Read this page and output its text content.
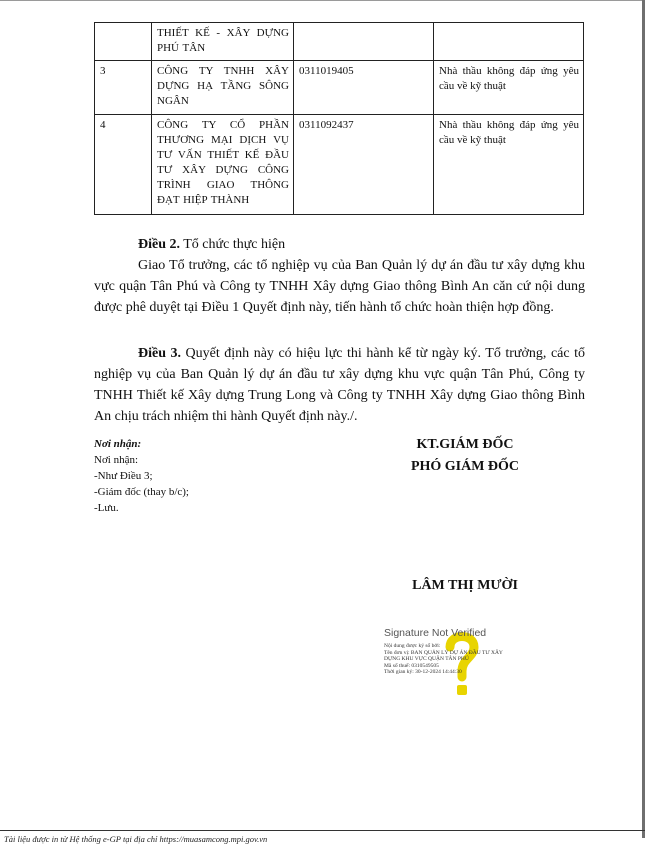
	THIẾT KẾ - XÂY DỰNG PHÚ TÂN		
3	CÔNG TY TNHH XÂY DỰNG HẠ TẦNG SÔNG NGÂN	0311019405	Nhà thầu không đáp ứng yêu cầu về kỹ thuật
4	CÔNG TY CỔ PHẦN THƯƠNG MẠI DỊCH VỤ TƯ VẤN THIẾT KẾ ĐẦU TƯ XÂY DỰNG CÔNG TRÌNH GIAO THÔNG ĐẠT HIỆP THÀNH	0311092437	Nhà thầu không đáp ứng yêu cầu về kỹ thuật

Điều 2. Tổ chức thực hiện

Giao Tổ trưởng, các tổ nghiệp vụ của Ban Quản lý dự án đầu tư xây dựng khu vực quận Tân Phú và Công ty TNHH Xây dựng Giao thông Bình An căn cứ nội dung được phê duyệt tại Điều 1 Quyết định này, tiến hành tổ chức hoàn thiện hợp đồng.

Điều 3. Quyết định này có hiệu lực thi hành kể từ ngày ký. Tổ trưởng, các tổ nghiệp vụ của Ban Quản lý dự án đầu tư xây dựng khu vực quận Tân Phú, Công ty TNHH Thiết kế Xây dựng Trung Long và Công ty TNHH Xây dựng Giao thông Bình An chịu trách nhiệm thi hành Quyết định này./.

Nơi nhận:
Nơi nhận:
-Như Điều 3;
-Giám đốc (thay b/c);
-Lưu.
KT.GIÁM ĐỐC
PHÓ GIÁM ĐỐC
LÂM THỊ MƯỜI
Signature Not Verified
Nội dung được ký số bởi:
Tên đơn vị: BAN QUẢN LÝ DỰ ÁN ĐẦU TƯ XÂY
DỰNG KHU VỰC QUẬN TÂN PHÚ
Mã số thuế: 0310549505
Thời gian ký: 30-12-2024 14:44:30
Tài liệu được in từ Hệ thống e-GP tại địa chỉ https://muasamcong.mpi.gov.vn
